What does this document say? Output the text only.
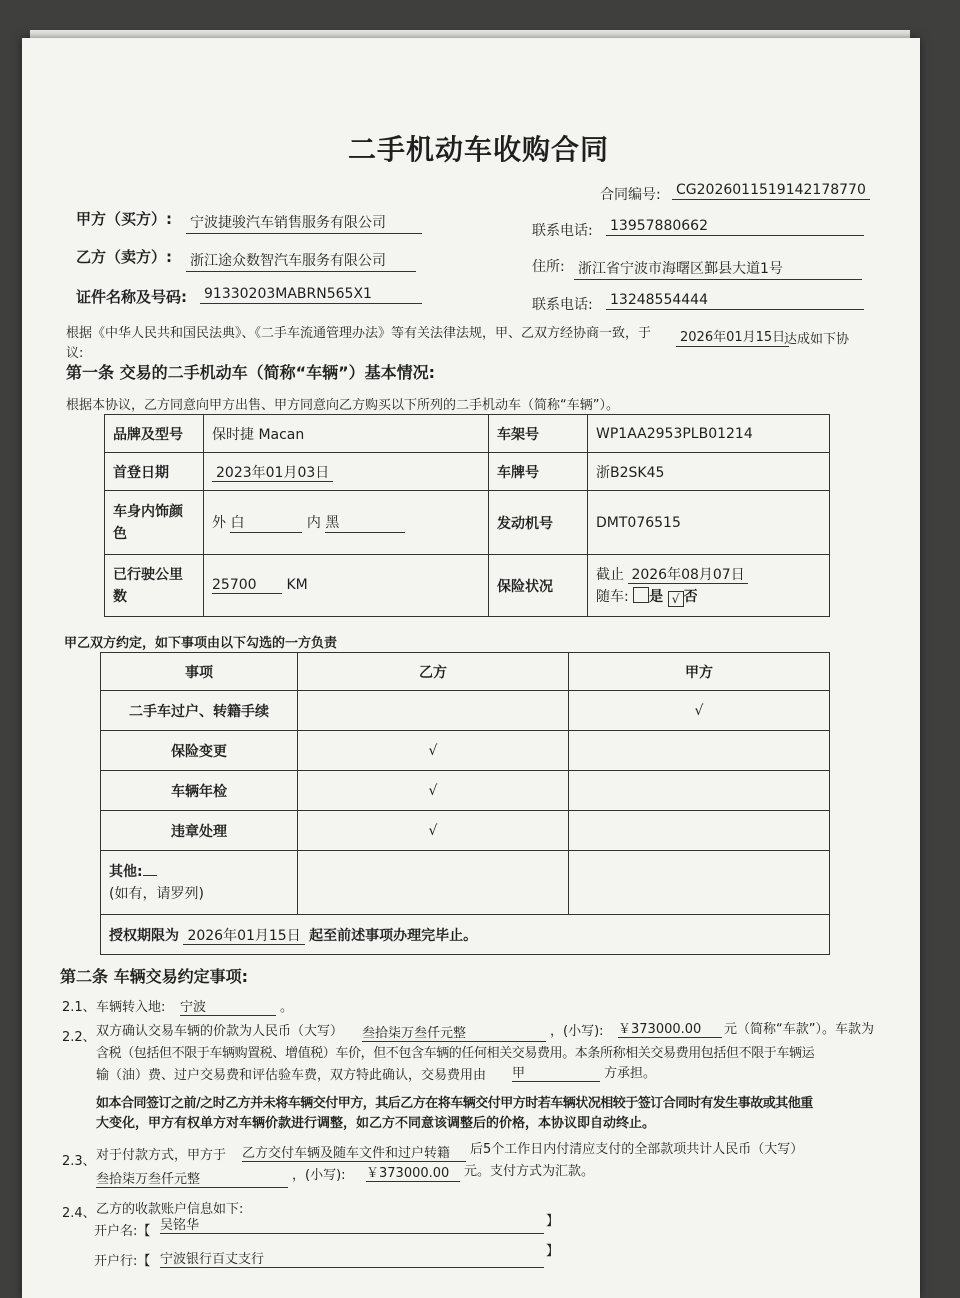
二手机动车收购合同
合同编号: CG2026011519142178770
甲方（买方）: 宁波捷骏汽车销售服务有限公司	联系电话: 13957880662
乙方（卖方）: 浙江途众数智汽车服务有限公司	住所: 浙江省宁波市海曙区鄞县大道1号
证件名称及号码: 91330203MABRN565X1
联系电话: 13248554444
根据《中华人民共和国民法典》、《二手车流通管理办法》等有关法律法规，甲、乙双方经协商一致，于	2026年01月15日
达成如下协
议:
第一条 交易的二手机动车（简称“车辆”）基本情况:
根据本协议，乙方同意向甲方出售、甲方同意向乙方购买以下所列的二手机动车（简称“车辆”）。
品牌及型号	保时捷 Macan	车架号	WP1AA2953PLB01214
首登日期	2023年01月03日	车牌号	浙B2SK45
车身内饰颜
色	外 白 内 黑	发动机号	DMT076515
已行驶公里
数	25700 KM	保险状况	截止 2026年08月07日
随车: 是 √ 否
甲乙双方约定，如下事项由以下勾选的一方负责
事项	乙方	甲方
二手车过户、转籍手续		√
保险变更	√	
车辆年检	√	
违章处理	√	
其他:
(如有，请罗列)		
授权期限为 2026年01月15日 起至前述事项办理完毕止。		
第二条 车辆交易约定事项:
2.1、 车辆转入地: 宁波	。
2.2、 双方确认交易车辆的价款为人民币（大写） 叁拾柒万叁仟元整	，(小写): ￥373000.00	元（简称“车款”）。车款为
含税（包括但不限于车辆购置税、增值税）车价，但不包含车辆的任何相关交易费用。本条所称相关交易费用包括但不限于车辆运
输（油）费、过户交易费和评估验车费，双方特此确认，交易费用由 甲	方承担。
如本合同签订之前/之时乙方并未将车辆交付甲方，其后乙方在将车辆交付甲方时若车辆状况相较于签订合同时有发生事故或其他重
大变化，甲方有权单方对车辆价款进行调整，如乙方不同意该调整后的价格，本协议即自动终止。
2.3、 对于付款方式，甲方于 乙方交付车辆及随车文件和过户转籍	后5个工作日内付清应支付的全部款项共计人民币（大写）
叁拾柒万叁仟元整	，(小写): ￥373000.00	元。支付方式为汇款。
2.4、 乙方的收款账户信息如下:
开户名:【 吴铭华	】
开户行:【 宁波银行百丈支行
】
